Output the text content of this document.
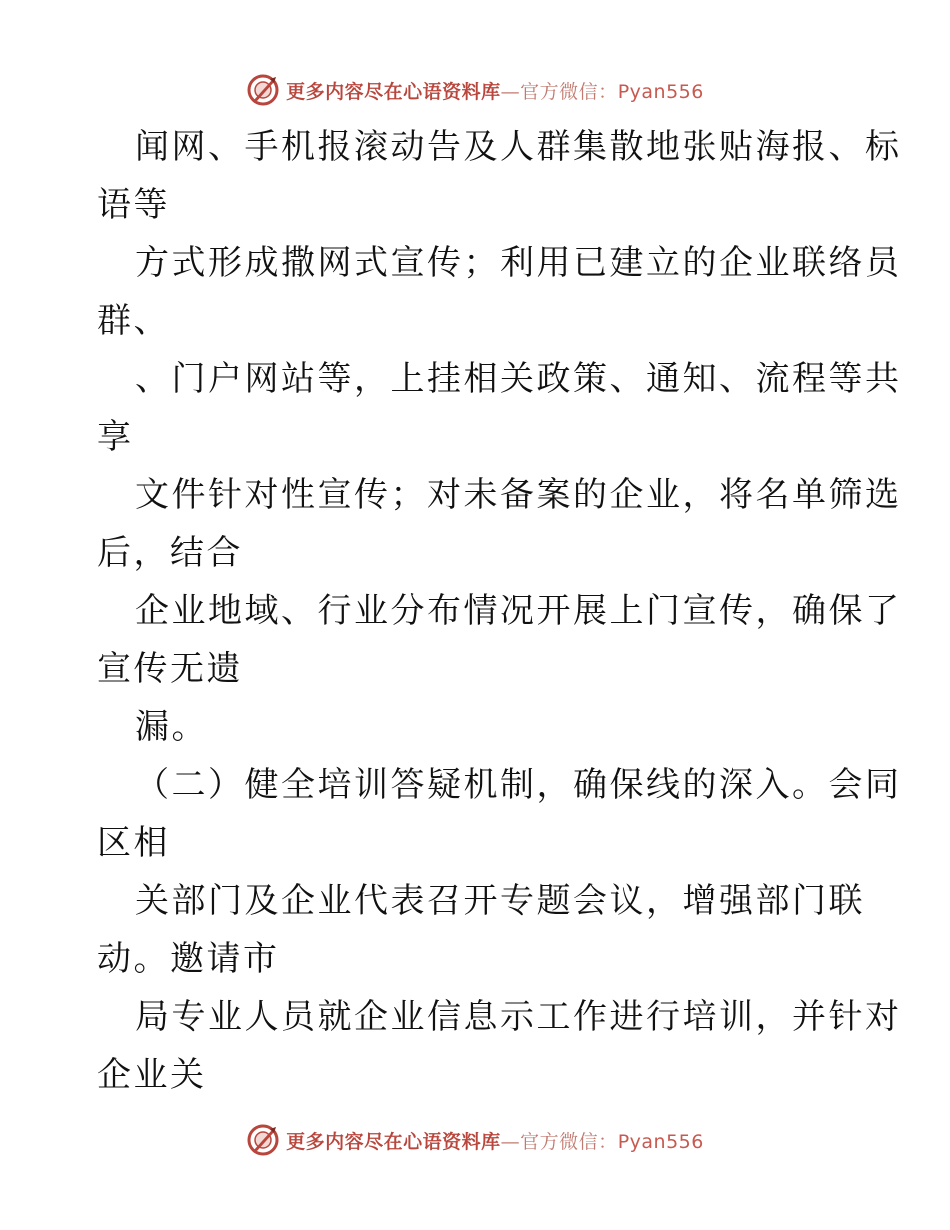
更多内容尽在心语资料库—官方微信：Pyan556
闻网、手机报滚动告及人群集散地张贴海报、标
语等
方式形成撒网式宣传；利用已建立的企业联络员
群、
、门户网站等，上挂相关政策、通知、流程等共
享
文件针对性宣传；对未备案的企业，将名单筛选
后，结合
企业地域、行业分布情况开展上门宣传，确保了
宣传无遗
漏。
（二）健全培训答疑机制，确保线的深入。会同
区相
关部门及企业代表召开专题会议，增强部门联
动。邀请市
局专业人员就企业信息示工作进行培训，并针对
企业关
更多内容尽在心语资料库—官方微信：Pyan556
